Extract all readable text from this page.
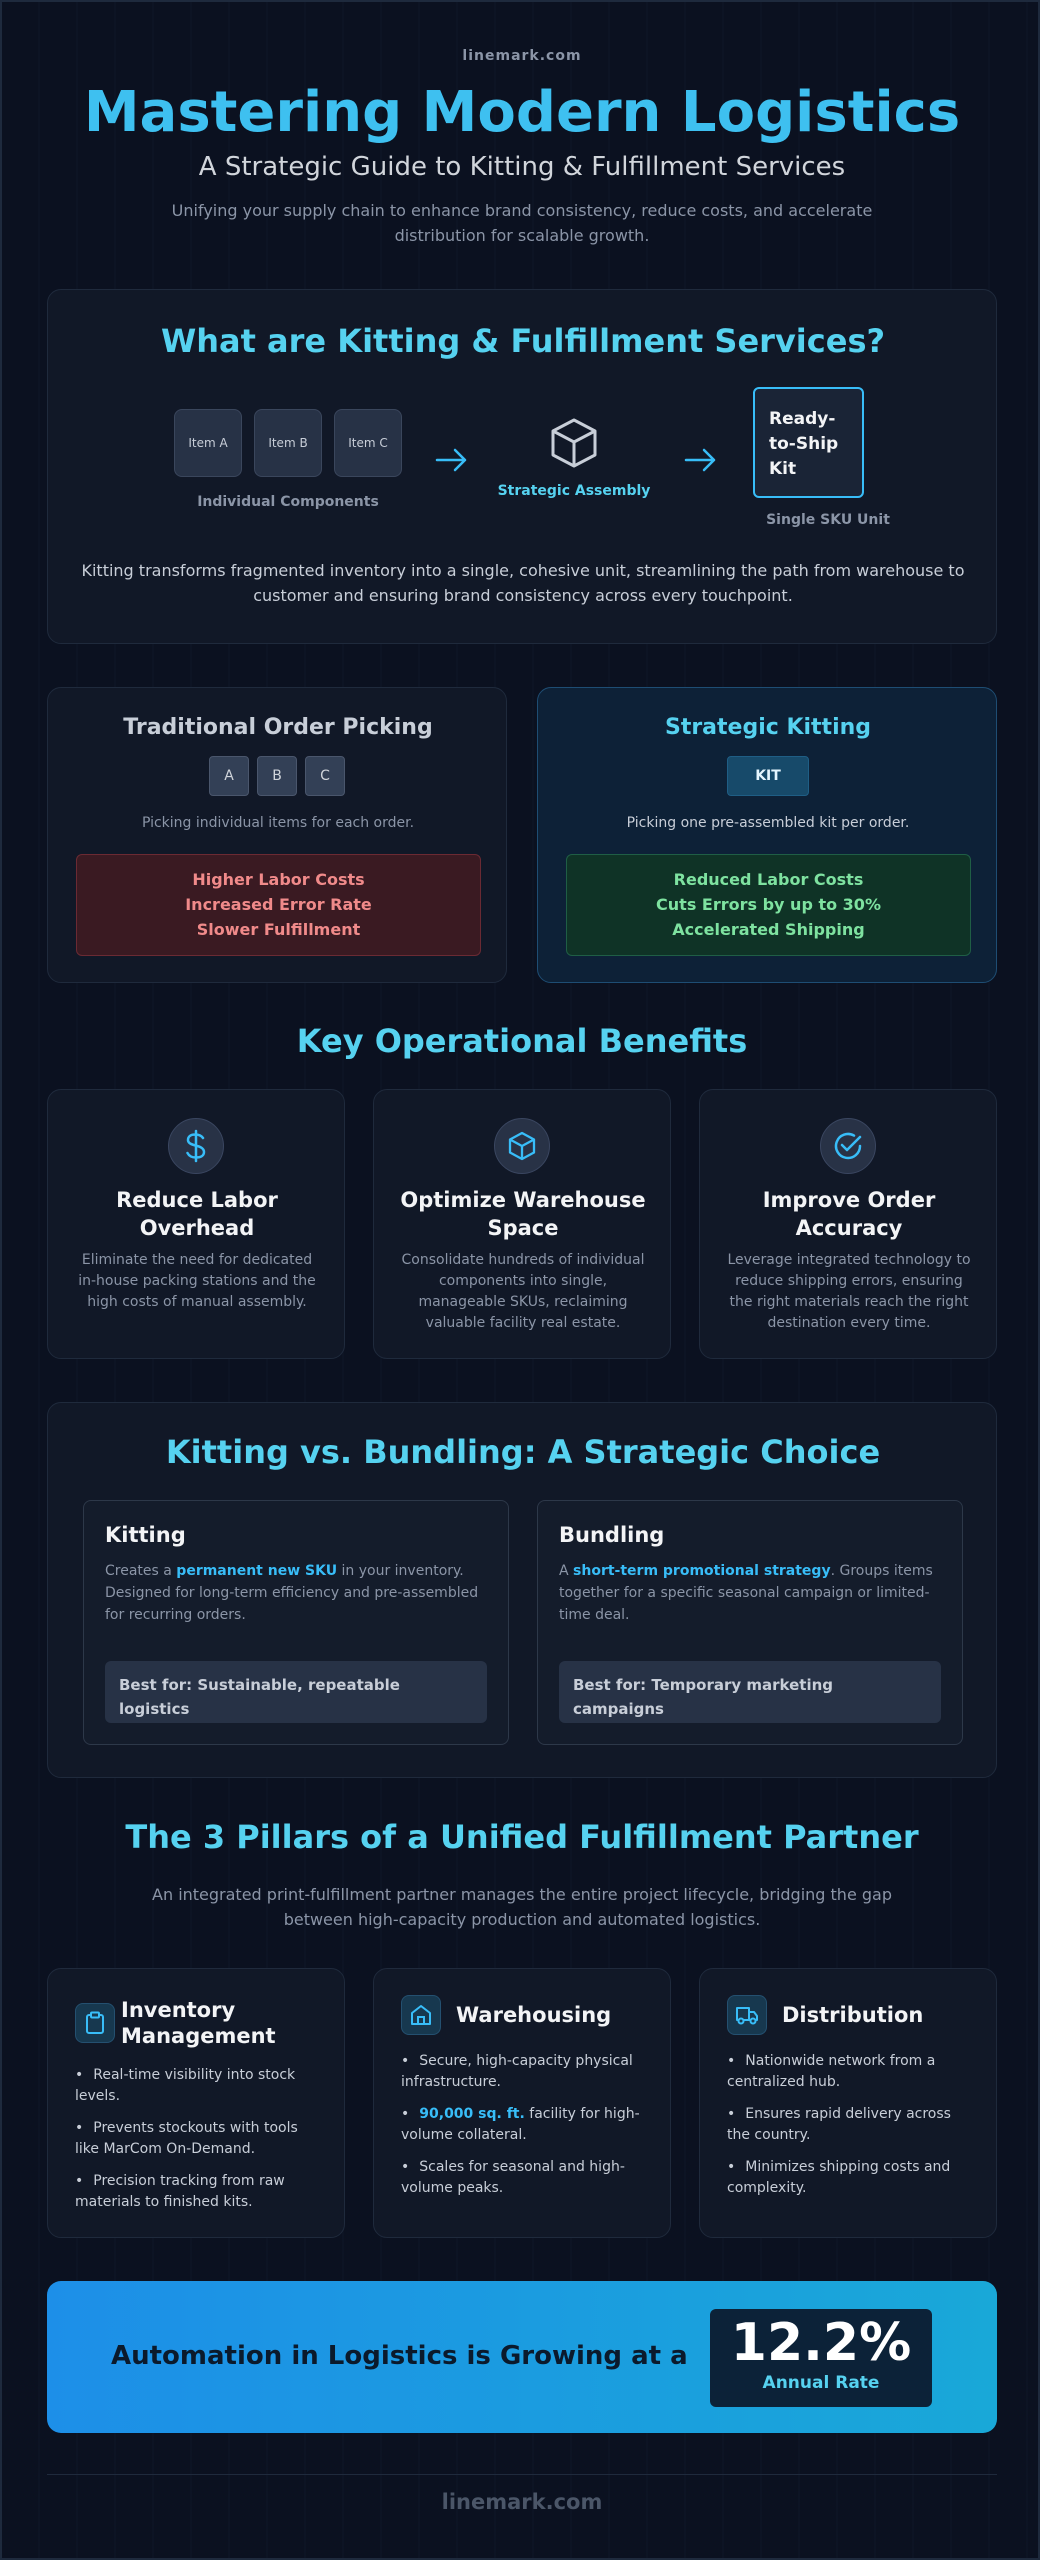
linemark.com
Mastering Modern Logistics
A Strategic Guide to Kitting & Fulfillment Services
Unifying your supply chain to enhance brand consistency, reduce costs, and accelerate distribution for scalable growth.
What are Kitting & Fulfillment Services?
Item A	Item B	Item C
Individual Components
Strategic Assembly
Single SKU Unit
Kitting transforms fragmented inventory into a single, cohesive unit, streamlining the path from warehouse to customer and ensuring brand consistency across every touchpoint.
Ready-
to-Ship
Kit
Traditional Order Picking
A	B	C
Picking individual items for each order.
Higher Labor Costs
Increased Error Rate
Slower Fulfillment
Strategic Kitting
KIT
Picking one pre-assembled kit per order.
Reduced Labor Costs
Cuts Errors by up to 30%
Accelerated Shipping
Key Operational Benefits
Reduce Labor Overhead
Eliminate the need for dedicated in-house packing stations and the high costs of manual assembly.
Optimize Warehouse Space
Consolidate hundreds of individual components into single, manageable SKUs, reclaiming valuable facility real estate.
Improve Order Accuracy
Leverage integrated technology to reduce shipping errors, ensuring the right materials reach the right destination every time.
Kitting vs. Bundling: A Strategic Choice
Kitting
Creates a permanent new SKU in your inventory. Designed for long-term efficiency and pre-assembled for recurring orders.
Best for: Sustainable, repeatable logistics
Bundling
A short-term promotional strategy. Groups items together for a specific seasonal campaign or limited-time deal.
Best for: Temporary marketing campaigns
The 3 Pillars of a Unified Fulfillment Partner
An integrated print-fulfillment partner manages the entire project lifecycle, bridging the gap between high-capacity production and automated logistics.
Inventory Management
• Real-time visibility into stock levels.
• Prevents stockouts with tools like MarCom On-Demand.
• Precision tracking from raw materials to finished kits.
Warehousing
• Secure, high-capacity physical infrastructure.
• 90,000 sq. ft. facility for high-volume collateral.
• Scales for seasonal and high-volume peaks.
Distribution
• Nationwide network from a centralized hub.
• Ensures rapid delivery across the country.
• Minimizes shipping costs and complexity.
Automation in Logistics is Growing at a 12.2%
Annual Rate
linemark.com
